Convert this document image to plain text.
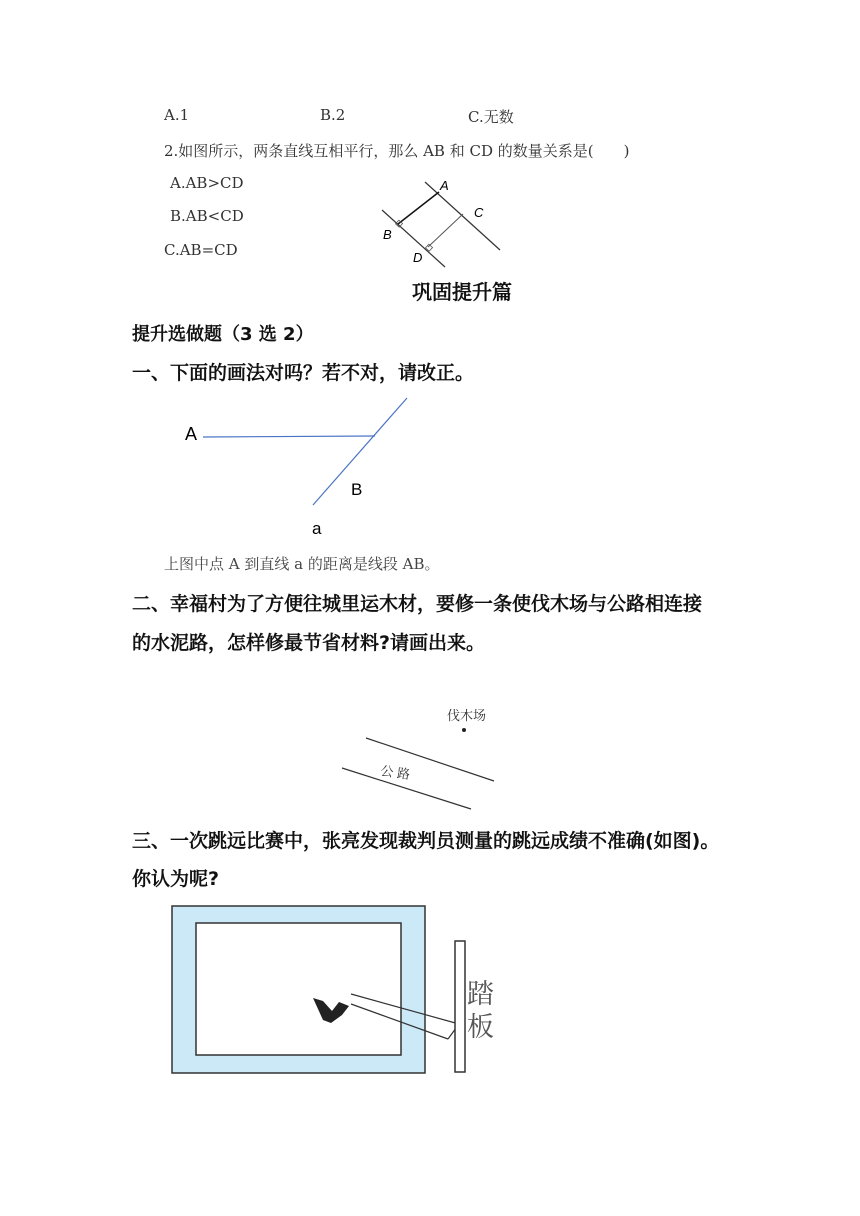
A.1	B.2	C.无数
2.如图所示，两条直线互相平行，那么 AB 和 CD 的数量关系是(　　)
A.AB>CD
B.AB<CD
C.AB=CD
A
C
B
D
巩固提升篇
提升选做题（3 选 2）
一、下面的画法对吗？若不对，请改正。
A
B
a
上图中点 A 到直线 a 的距离是线段 AB。
二、幸福村为了方便往城里运木材，要修一条使伐木场与公路相连接
的水泥路，怎样修最节省材料?请画出来。
伐木场
公 路
三、一次跳远比赛中，张亮发现裁判员测量的跳远成绩不准确(如图)。
你认为呢?
踏
板
